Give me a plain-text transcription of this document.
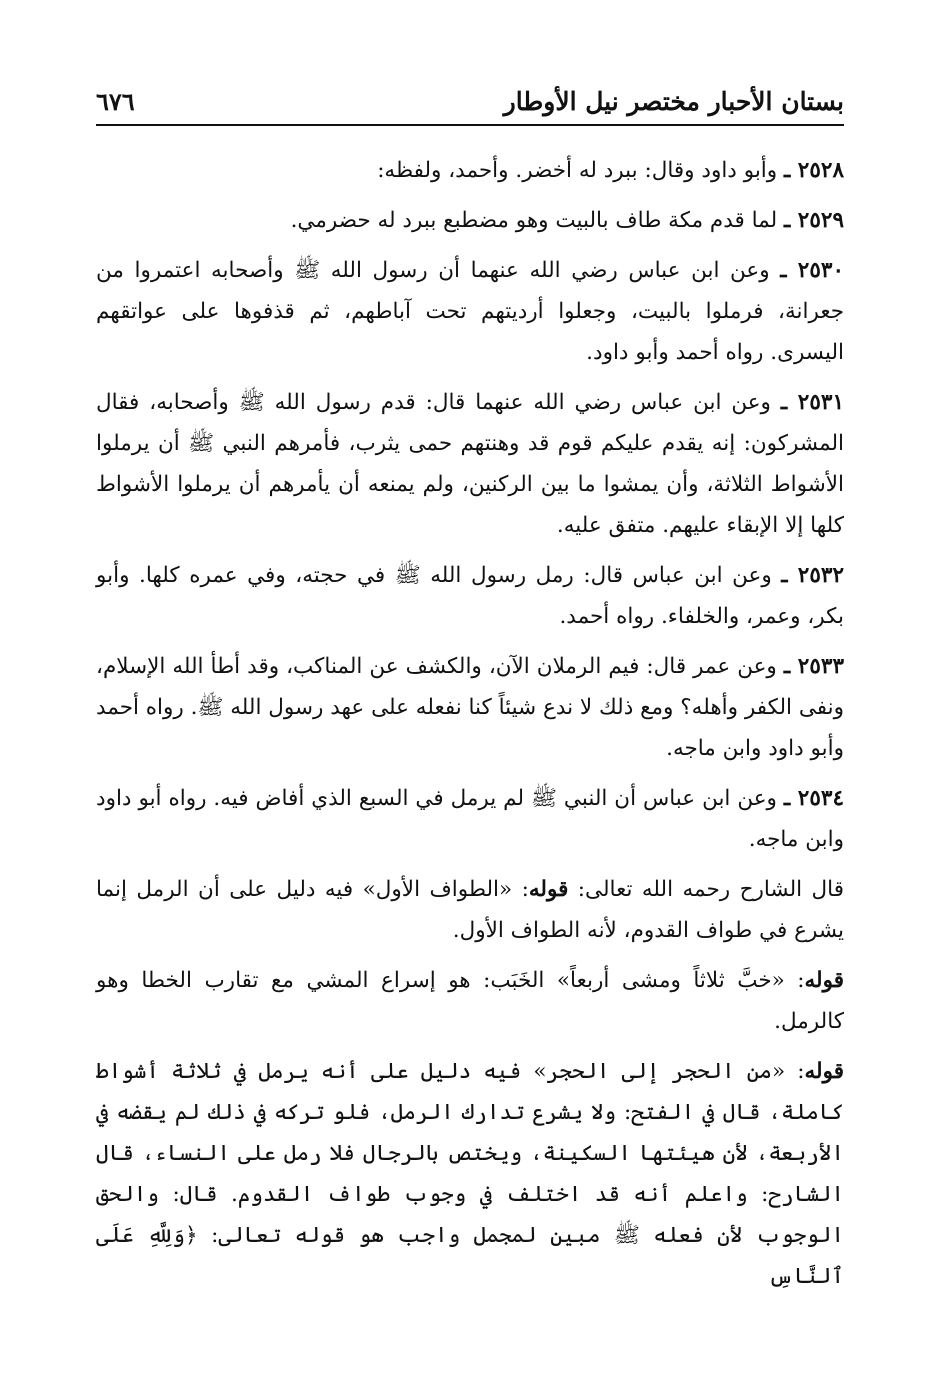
بستان الأحبار مختصر نيل الأوطار
٦٧٦

٢٥٢٨ ـ وأبو داود وقال: ببرد له أخضر. وأحمد، ولفظه:

٢٥٢٩ ـ لما قدم مكة طاف بالبيت وهو مضطبع ببرد له حضرمي.

٢٥٣٠ ـ وعن ابن عباس رضي الله عنهما أن رسول الله ﷺ وأصحابه اعتمروا من جعرانة، فرملوا بالبيت، وجعلوا أرديتهم تحت آباطهم، ثم قذفوها على عواتقهم اليسرى. رواه أحمد وأبو داود.

٢٥٣١ ـ وعن ابن عباس رضي الله عنهما قال: قدم رسول الله ﷺ وأصحابه، فقال المشركون: إنه يقدم عليكم قوم قد وهنتهم حمى يثرب، فأمرهم النبي ﷺ أن يرملوا الأشواط الثلاثة، وأن يمشوا ما بين الركنين، ولم يمنعه أن يأمرهم أن يرملوا الأشواط كلها إلا الإبقاء عليهم. متفق عليه.

٢٥٣٢ ـ وعن ابن عباس قال: رمل رسول الله ﷺ في حجته، وفي عمره كلها. وأبو بكر، وعمر، والخلفاء. رواه أحمد.

٢٥٣٣ ـ وعن عمر قال: فيم الرملان الآن، والكشف عن المناكب، وقد أطأ الله الإسلام، ونفى الكفر وأهله؟ ومع ذلك لا ندع شيئاً كنا نفعله على عهد رسول الله ﷺ. رواه أحمد وأبو داود وابن ماجه.

٢٥٣٤ ـ وعن ابن عباس أن النبي ﷺ لم يرمل في السبع الذي أفاض فيه. رواه أبو داود وابن ماجه.

قال الشارح رحمه الله تعالى: قوله: «الطواف الأول» فيه دليل على أن الرمل إنما يشرع في طواف القدوم، لأنه الطواف الأول.

قوله: «خبَّ ثلاثاً ومشى أربعاً» الخَبَب: هو إسراع المشي مع تقارب الخطا وهو كالرمل.

قوله: «من الحجر إلى الحجر» فيه دليل على أنه يرمل في ثلاثة أشواط كاملة، قال في الفتح: ولا يشرع تدارك الرمل، فلو تركه في ذلك لم يقضه في الأربعة، لأن هيئتها السكينة، ويختص بالرجال فلا رمل على النساء، قال الشارح: واعلم أنه قد اختلف في وجوب طواف القدوم. قال: والحق الوجوب لأن فعله ﷺ مبين لمجمل واجب هو قوله تعالى: ﴿وَلِلَّهِ عَلَى ٱلنَّاسِ
